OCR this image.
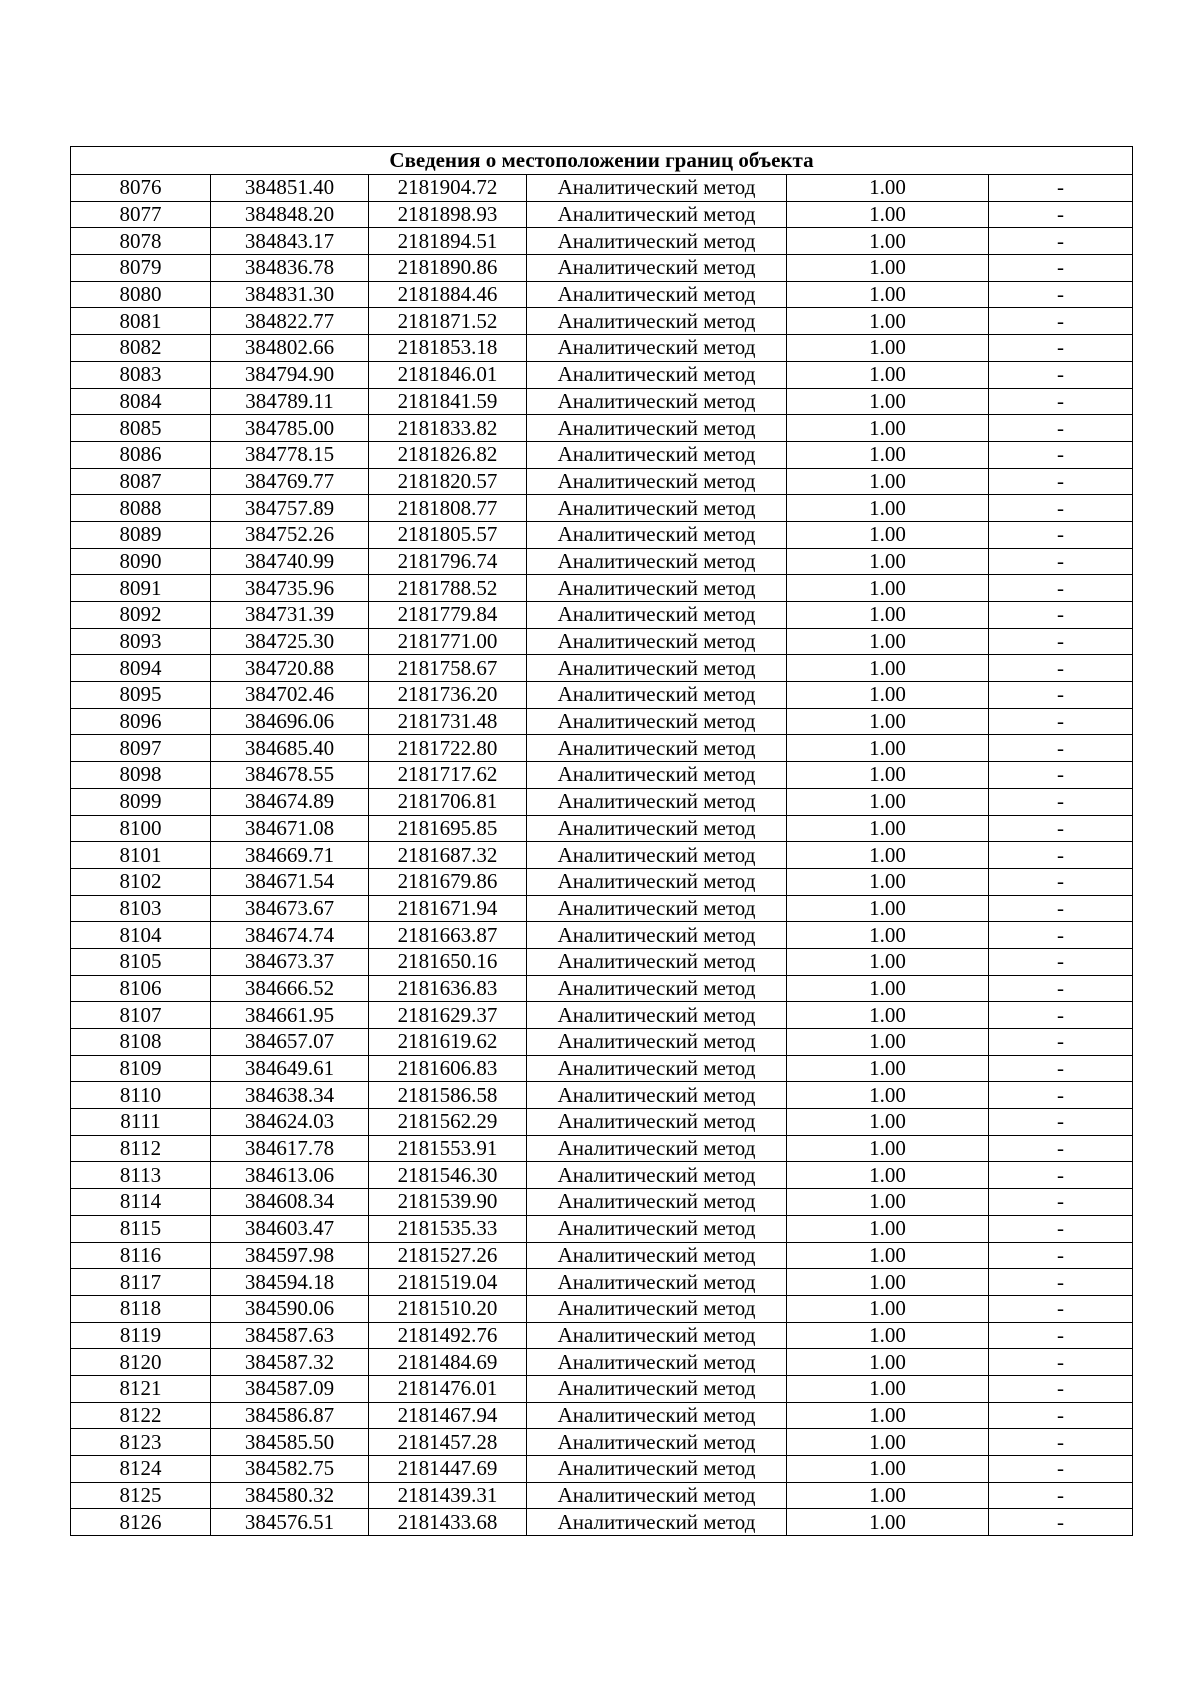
Сведения о местоположении границ объекта					
8076	384851.40	2181904.72	Аналитический метод	1.00	-
8077	384848.20	2181898.93	Аналитический метод	1.00	-
8078	384843.17	2181894.51	Аналитический метод	1.00	-
8079	384836.78	2181890.86	Аналитический метод	1.00	-
8080	384831.30	2181884.46	Аналитический метод	1.00	-
8081	384822.77	2181871.52	Аналитический метод	1.00	-
8082	384802.66	2181853.18	Аналитический метод	1.00	-
8083	384794.90	2181846.01	Аналитический метод	1.00	-
8084	384789.11	2181841.59	Аналитический метод	1.00	-
8085	384785.00	2181833.82	Аналитический метод	1.00	-
8086	384778.15	2181826.82	Аналитический метод	1.00	-
8087	384769.77	2181820.57	Аналитический метод	1.00	-
8088	384757.89	2181808.77	Аналитический метод	1.00	-
8089	384752.26	2181805.57	Аналитический метод	1.00	-
8090	384740.99	2181796.74	Аналитический метод	1.00	-
8091	384735.96	2181788.52	Аналитический метод	1.00	-
8092	384731.39	2181779.84	Аналитический метод	1.00	-
8093	384725.30	2181771.00	Аналитический метод	1.00	-
8094	384720.88	2181758.67	Аналитический метод	1.00	-
8095	384702.46	2181736.20	Аналитический метод	1.00	-
8096	384696.06	2181731.48	Аналитический метод	1.00	-
8097	384685.40	2181722.80	Аналитический метод	1.00	-
8098	384678.55	2181717.62	Аналитический метод	1.00	-
8099	384674.89	2181706.81	Аналитический метод	1.00	-
8100	384671.08	2181695.85	Аналитический метод	1.00	-
8101	384669.71	2181687.32	Аналитический метод	1.00	-
8102	384671.54	2181679.86	Аналитический метод	1.00	-
8103	384673.67	2181671.94	Аналитический метод	1.00	-
8104	384674.74	2181663.87	Аналитический метод	1.00	-
8105	384673.37	2181650.16	Аналитический метод	1.00	-
8106	384666.52	2181636.83	Аналитический метод	1.00	-
8107	384661.95	2181629.37	Аналитический метод	1.00	-
8108	384657.07	2181619.62	Аналитический метод	1.00	-
8109	384649.61	2181606.83	Аналитический метод	1.00	-
8110	384638.34	2181586.58	Аналитический метод	1.00	-
8111	384624.03	2181562.29	Аналитический метод	1.00	-
8112	384617.78	2181553.91	Аналитический метод	1.00	-
8113	384613.06	2181546.30	Аналитический метод	1.00	-
8114	384608.34	2181539.90	Аналитический метод	1.00	-
8115	384603.47	2181535.33	Аналитический метод	1.00	-
8116	384597.98	2181527.26	Аналитический метод	1.00	-
8117	384594.18	2181519.04	Аналитический метод	1.00	-
8118	384590.06	2181510.20	Аналитический метод	1.00	-
8119	384587.63	2181492.76	Аналитический метод	1.00	-
8120	384587.32	2181484.69	Аналитический метод	1.00	-
8121	384587.09	2181476.01	Аналитический метод	1.00	-
8122	384586.87	2181467.94	Аналитический метод	1.00	-
8123	384585.50	2181457.28	Аналитический метод	1.00	-
8124	384582.75	2181447.69	Аналитический метод	1.00	-
8125	384580.32	2181439.31	Аналитический метод	1.00	-
8126	384576.51	2181433.68	Аналитический метод	1.00	-
